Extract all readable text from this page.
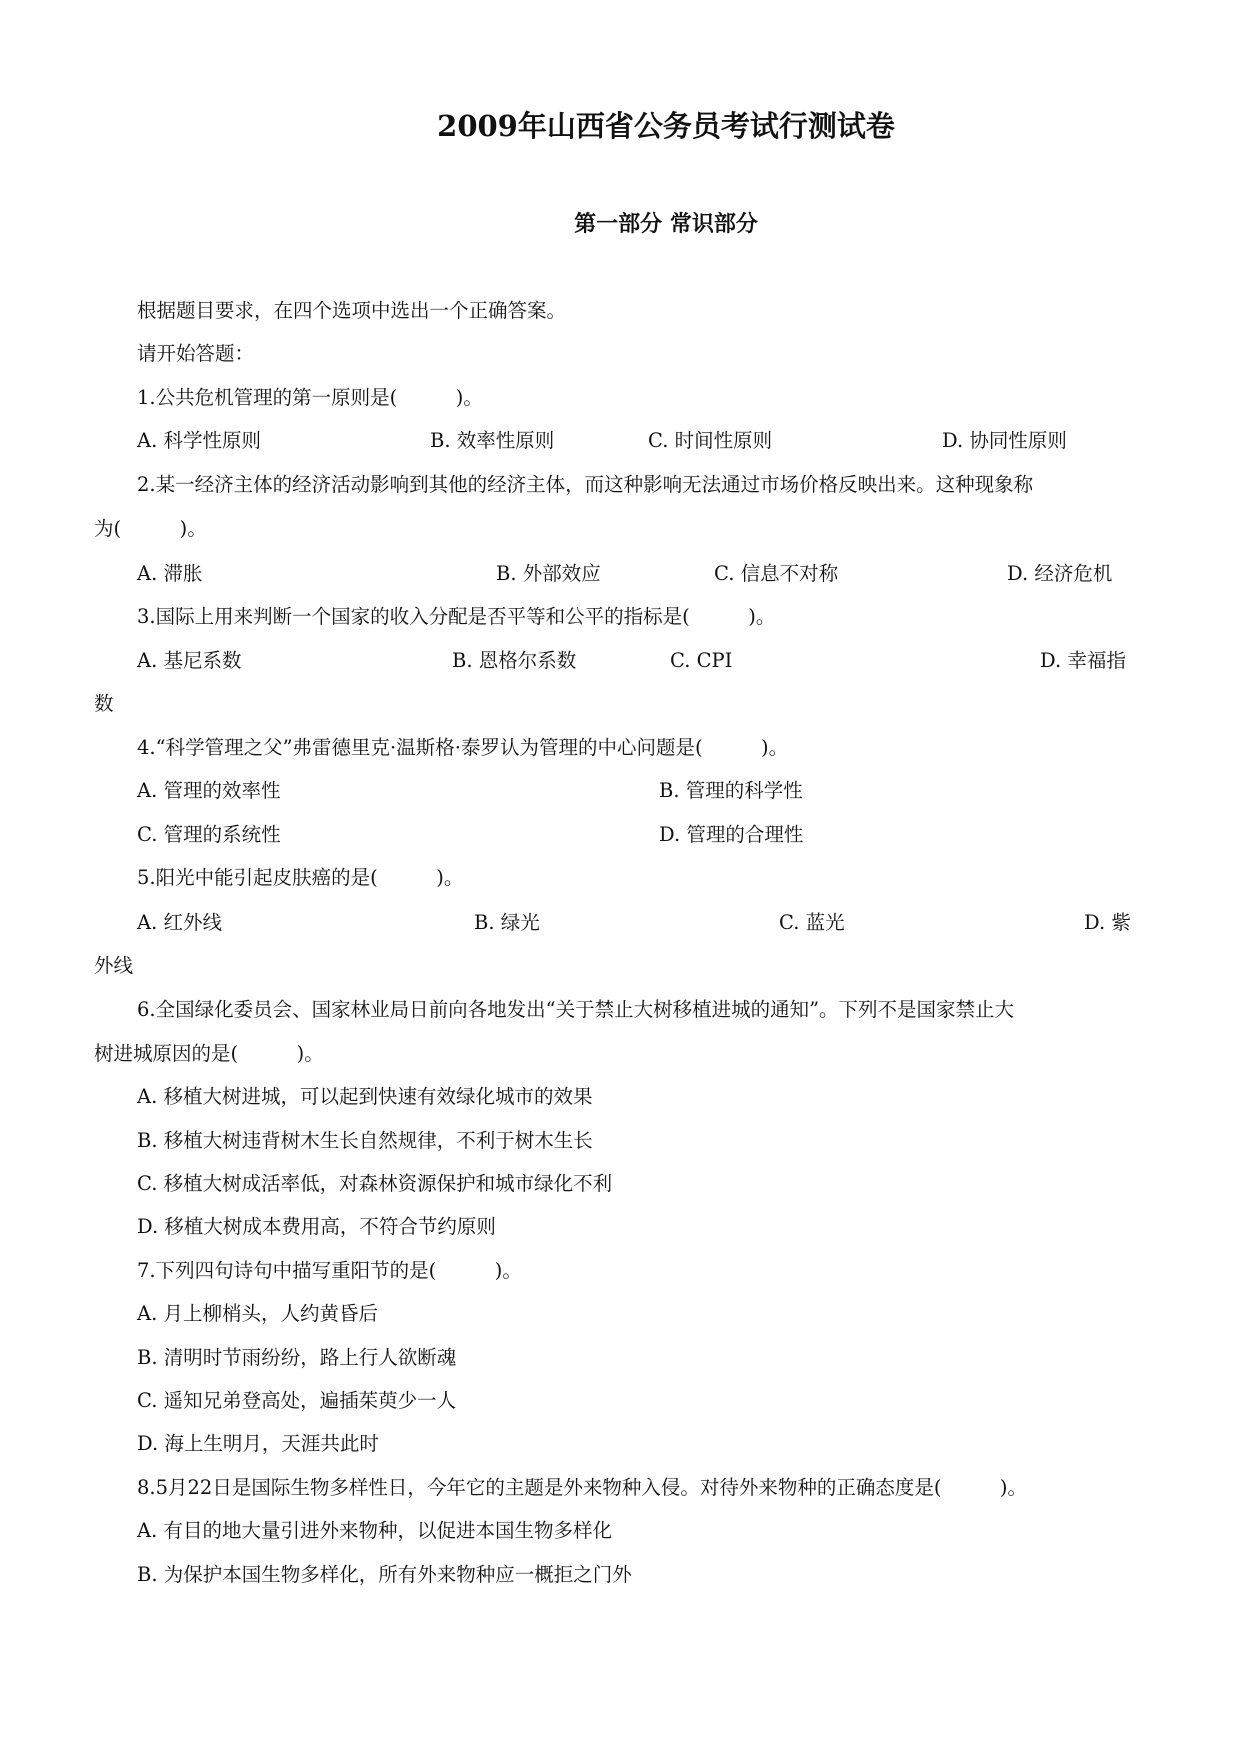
2009年山西省公务员考试行测试卷
第一部分 常识部分
根据题目要求，在四个选项中选出一个正确答案。
请开始答题：
1.公共危机管理的第一原则是(　　　)。
A. 科学性原则	B. 效率性原则	C. 时间性原则	D. 协同性原则
2.某一经济主体的经济活动影响到其他的经济主体，而这种影响无法通过市场价格反映出来。这种现象称
为(　　　)。
A. 滞胀	B. 外部效应	C. 信息不对称	D. 经济危机
3.国际上用来判断一个国家的收入分配是否平等和公平的指标是(　　　)。
A. 基尼系数	B. 恩格尔系数	C. CPI	D. 幸福指
数
4.“科学管理之父”弗雷德里克·温斯格·泰罗认为管理的中心问题是(　　　)。
A. 管理的效率性	B. 管理的科学性
C. 管理的系统性	D. 管理的合理性
5.阳光中能引起皮肤癌的是(　　　)。
A. 红外线	B. 绿光	C. 蓝光	D. 紫
外线
6.全国绿化委员会、国家林业局日前向各地发出“关于禁止大树移植进城的通知”。下列不是国家禁止大
树进城原因的是(　　　)。
A. 移植大树进城，可以起到快速有效绿化城市的效果
B. 移植大树违背树木生长自然规律，不利于树木生长
C. 移植大树成活率低，对森林资源保护和城市绿化不利
D. 移植大树成本费用高，不符合节约原则
7.下列四句诗句中描写重阳节的是(　　　)。
A. 月上柳梢头，人约黄昏后
B. 清明时节雨纷纷，路上行人欲断魂
C. 遥知兄弟登高处，遍插茱萸少一人
D. 海上生明月，天涯共此时
8.5月22日是国际生物多样性日，今年它的主题是外来物种入侵。对待外来物种的正确态度是(　　　)。
A. 有目的地大量引进外来物种，以促进本国生物多样化
B. 为保护本国生物多样化，所有外来物种应一概拒之门外
